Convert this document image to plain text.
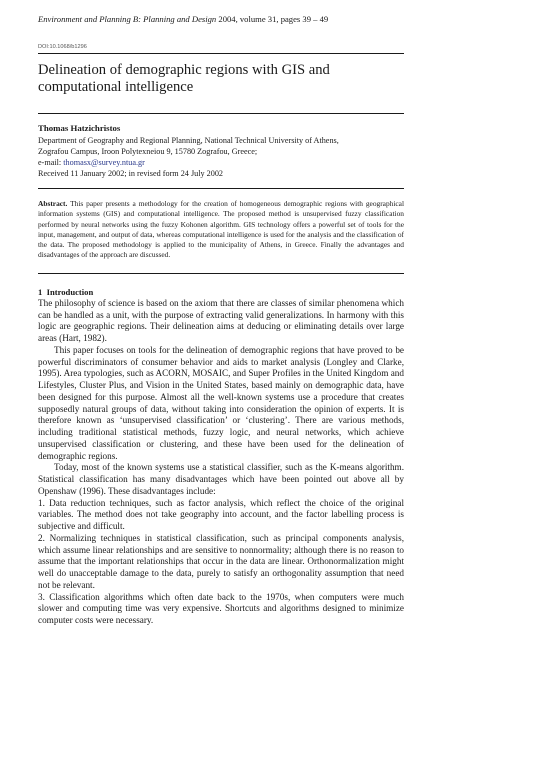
Environment and Planning B: Planning and Design 2004, volume 31, pages 39 – 49
DOI:10.1068/b1296
Delineation of demographic regions with GIS and computational intelligence
Thomas Hatzichristos
Department of Geography and Regional Planning, National Technical University of Athens,
Zografou Campus, Iroon Polytexneiou 9, 15780 Zografou, Greece;
e-mail: thomasx@survey.ntua.gr
Received 11 January 2002; in revised form 24 July 2002
Abstract. This paper presents a methodology for the creation of homogeneous demographic regions with geographical information systems (GIS) and computational intelligence. The proposed method is unsupervised fuzzy classification performed by neural networks using the fuzzy Kohonen algorithm. GIS technology offers a powerful set of tools for the input, management, and output of data, whereas computational intelligence is used for the analysis and the classification of the data. The proposed methodology is applied to the municipality of Athens, in Greece. Finally the advantages and disadvantages of the approach are discussed.
1 Introduction

The philosophy of science is based on the axiom that there are classes of similar phenomena which can be handled as a unit, with the purpose of extracting valid generalizations. In harmony with this logic are geographic regions. Their delineation aims at deducing or eliminating details over large areas (Hart, 1982).

This paper focuses on tools for the delineation of demographic regions that have proved to be powerful discriminators of consumer behavior and aids to market analysis (Longley and Clarke, 1995). Area typologies, such as ACORN, MOSAIC, and Super Profiles in the United Kingdom and Lifestyles, Cluster Plus, and Vision in the United States, based mainly on demographic data, have been designed for this purpose. Almost all the well-known systems use a procedure that creates supposedly natural groups of data, without taking into consideration the opinion of experts. It is therefore known as ‘unsupervised classification’ or ‘clustering’. There are various methods, including traditional statistical methods, fuzzy logic, and neural networks, which achieve unsupervised classification or clustering, and these have been used for the delineation of demographic regions.

Today, most of the known systems use a statistical classifier, such as the K-means algorithm. Statistical classification has many disadvantages which have been pointed out above all by Openshaw (1996). These disadvantages include:

1. Data reduction techniques, such as factor analysis, which reflect the choice of the original variables. The method does not take geography into account, and the factor labelling process is subjective and difficult.

2. Normalizing techniques in statistical classification, such as principal components analysis, which assume linear relationships and are sensitive to nonnormality; although there is no reason to assume that the important relationships that occur in the data are linear. Orthonormalization might well do unacceptable damage to the data, purely to satisfy an orthogonality assumption that need not be relevant.

3. Classification algorithms which often date back to the 1970s, when computers were much slower and computing time was very expensive. Shortcuts and algorithms designed to minimize computer costs were necessary.
